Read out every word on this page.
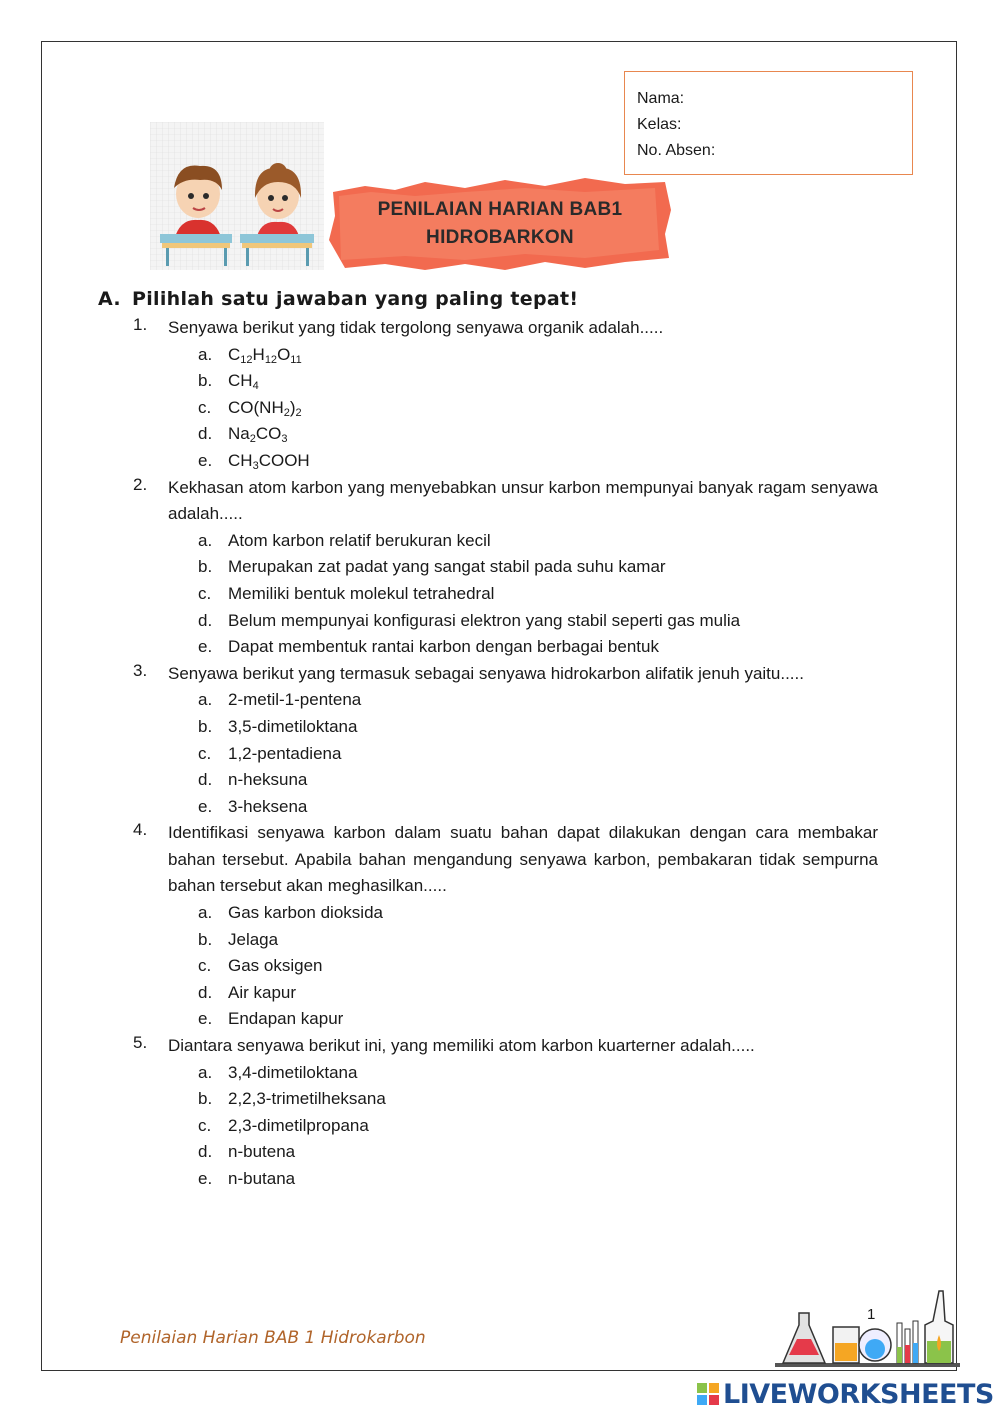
Nama:
Kelas:
No. Absen:
PENILAIAN HARIAN BAB1
HIDROBARKON
A. Pilihlah satu jawaban yang paling tepat!
1. Senyawa berikut yang tidak tergolong senyawa organik adalah.....
a. $C_{12}H_{12}O_{11}$
b. $CH_4$
c. $CO(NH_2)_2$
d. $Na_2CO_3$
e. $CH_3COOH$
2. Kekhasan atom karbon yang menyebabkan unsur karbon mempunyai banyak ragam senyawa adalah.....
a. Atom karbon relatif berukuran kecil
b. Merupakan zat padat yang sangat stabil pada suhu kamar
c. Memiliki bentuk molekul tetrahedral
d. Belum mempunyai konfigurasi elektron yang stabil seperti gas mulia
e. Dapat membentuk rantai karbon dengan berbagai bentuk
3. Senyawa berikut yang termasuk sebagai senyawa hidrokarbon alifatik jenuh yaitu.....
a. 2-metil-1-pentena
b. 3,5-dimetiloktana
c. 1,2-pentadiena
d. n-heksuna
e. 3-heksena
4. Identifikasi senyawa karbon dalam suatu bahan dapat dilakukan dengan cara membakar bahan tersebut. Apabila bahan mengandung senyawa karbon, pembakaran tidak sempurna bahan tersebut akan meghasilkan.....
a. Gas karbon dioksida
b. Jelaga
c. Gas oksigen
d. Air kapur
e. Endapan kapur
5. Diantara senyawa berikut ini, yang memiliki atom karbon kuarterner adalah.....
a. 3,4-dimetiloktana
b. 2,2,3-trimetilheksana
c. 2,3-dimetilpropana
d. n-butena
e. n-butana
Penilaian Harian BAB 1 Hidrokarbon
1
LIVEWORKSHEETS
